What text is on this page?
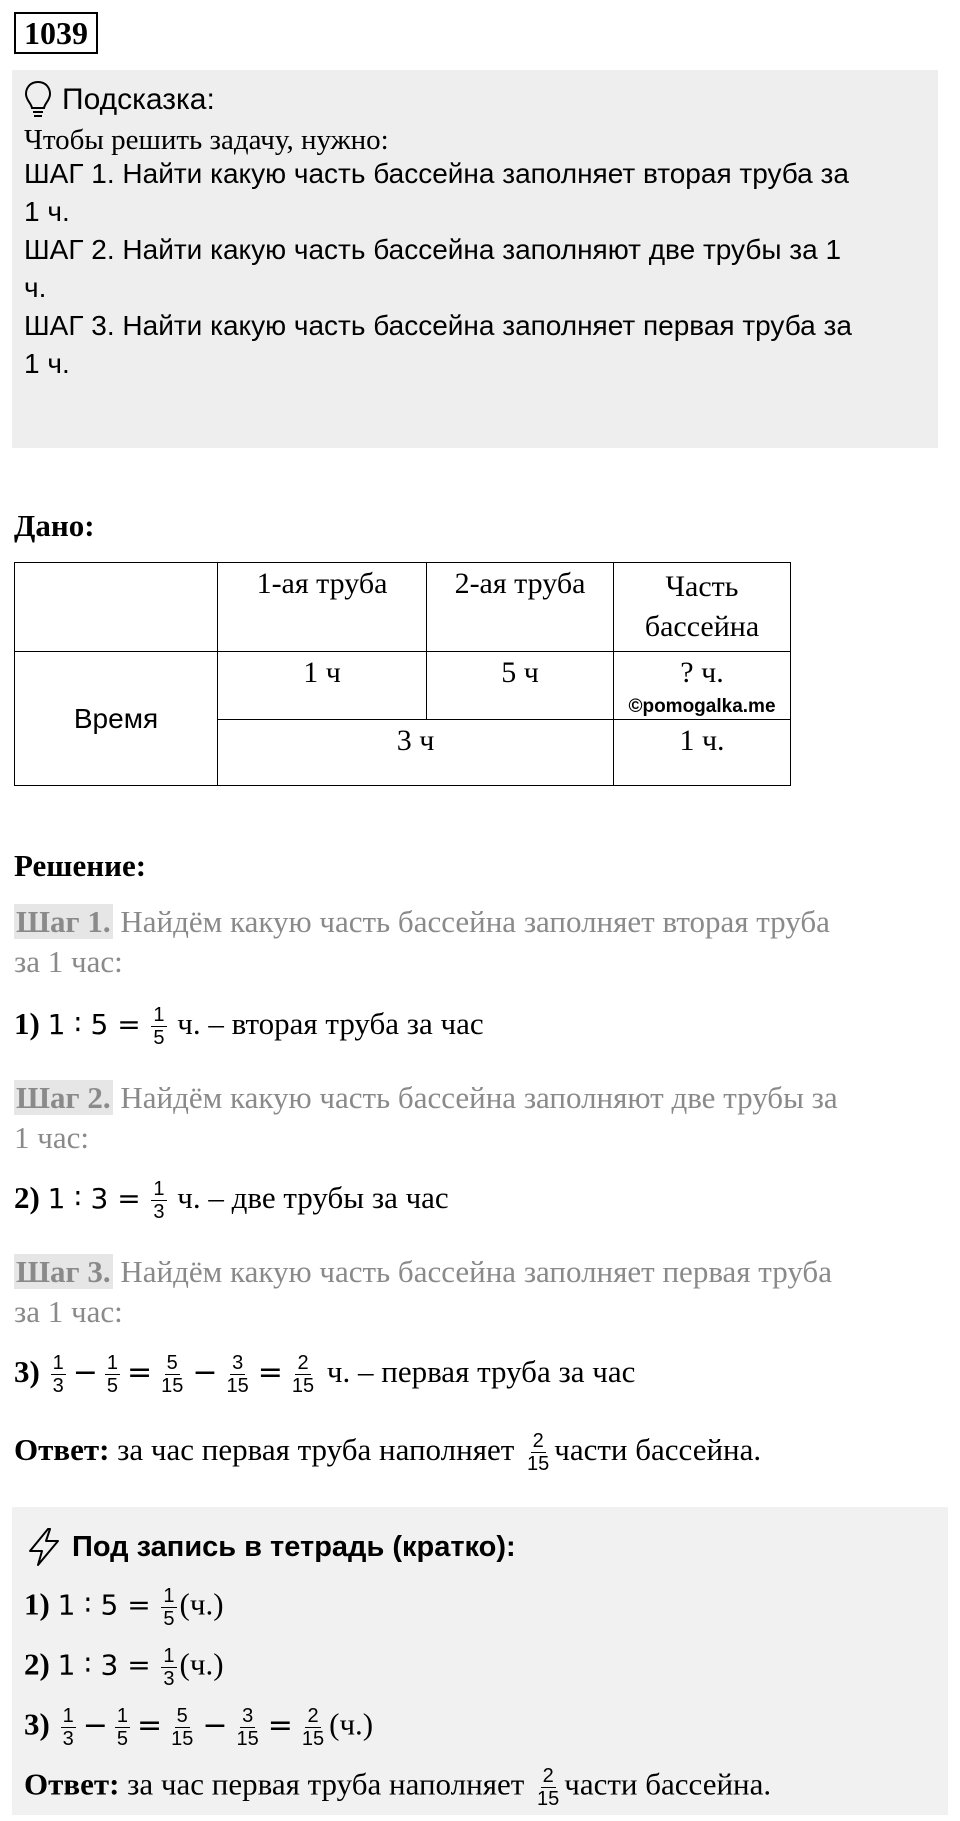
1039
Подсказка:
Чтобы решить задачу, нужно:
ШАГ 1. Найти какую часть бассейна заполняет вторая труба за
1 ч.
ШАГ 2. Найти какую часть бассейна заполняют две трубы за 1
ч.
ШАГ 3. Найти какую часть бассейна заполняет первая труба за
1 ч.
Дано:
	1-ая труба	2-ая труба	Часть бассейна
Время	1 ч	5 ч	? ч.
©pomogalka.me

	3 ч		1 ч.
Решение:
Шаг 1. Найдём какую часть бассейна заполняет вторая труба
за 1 час:
1) 1 ∶ $5 = \frac{1}{5} ч$. – вторая труба за час
Шаг 2. Найдём какую часть бассейна заполняют две трубы за
1 час:
2) 1 ∶ $3 = \frac{1}{3} ч$. – две трубы за час
Шаг 3. Найдём какую часть бассейна заполняет первая труба
за 1 час:
$3) \frac{1}{3} - \frac{1}{5} = \frac{5}{15} - \frac{3}{15} = \frac{2}{15} ч$. – первая труба за час
Ответ: за час первая труба наполняет $\frac{2}{15}$ части бассейна.
Под запись в тетрадь (кратко):
1) 1 ∶ $5 = \frac{1}{5} (ч.)$
2) 1 ∶ $3 = \frac{1}{3} (ч.)$
$3) \frac{1}{3} - \frac{1}{5} = \frac{5}{15} - \frac{3}{15} = \frac{2}{15} (ч.)$
Ответ: за час первая труба наполняет $\frac{2}{15}$ части бассейна.
